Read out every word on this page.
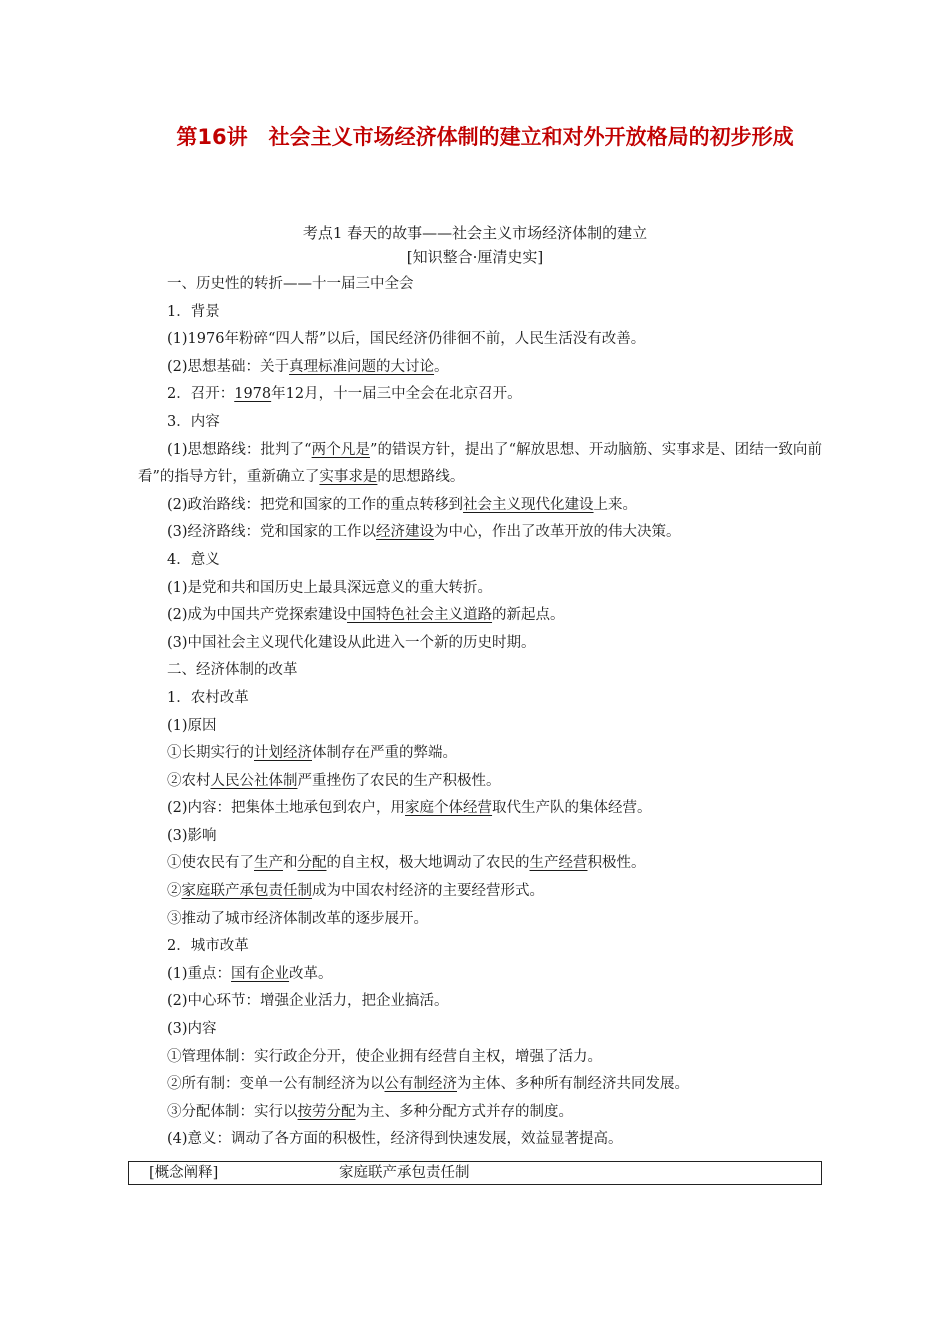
第16讲　社会主义市场经济体制的建立和对外开放格局的初步形成
考点1 春天的故事——社会主义市场经济体制的建立
[知识整合·厘清史实]
一、历史性的转折——十一届三中全会
1．背景
(1)1976年粉碎“四人帮”以后，国民经济仍徘徊不前，人民生活没有改善。
(2)思想基础：关于真理标准问题的大讨论。
2．召开：1978年12月，十一届三中全会在北京召开。
3．内容
(1)思想路线：批判了“两个凡是”的错误方针，提出了“解放思想、开动脑筋、实事求是、团结一致向前看”的指导方针，重新确立了实事求是的思想路线。
(2)政治路线：把党和国家的工作的重点转移到社会主义现代化建设上来。
(3)经济路线：党和国家的工作以经济建设为中心，作出了改革开放的伟大决策。
4．意义
(1)是党和共和国历史上最具深远意义的重大转折。
(2)成为中国共产党探索建设中国特色社会主义道路的新起点。
(3)中国社会主义现代化建设从此进入一个新的历史时期。
二、经济体制的改革
1．农村改革
(1)原因
①长期实行的计划经济体制存在严重的弊端。
②农村人民公社体制严重挫伤了农民的生产积极性。
(2)内容：把集体土地承包到农户，用家庭个体经营取代生产队的集体经营。
(3)影响
①使农民有了生产和分配的自主权，极大地调动了农民的生产经营积极性。
②家庭联产承包责任制成为中国农村经济的主要经营形式。
③推动了城市经济体制改革的逐步展开。
2．城市改革
(1)重点：国有企业改革。
(2)中心环节：增强企业活力，把企业搞活。
(3)内容
①管理体制：实行政企分开，使企业拥有经营自主权，增强了活力。
②所有制：变单一公有制经济为以公有制经济为主体、多种所有制经济共同发展。
③分配体制：实行以按劳分配为主、多种分配方式并存的制度。
(4)意义：调动了各方面的积极性，经济得到快速发展，效益显著提高。
[概念阐释]	家庭联产承包责任制
